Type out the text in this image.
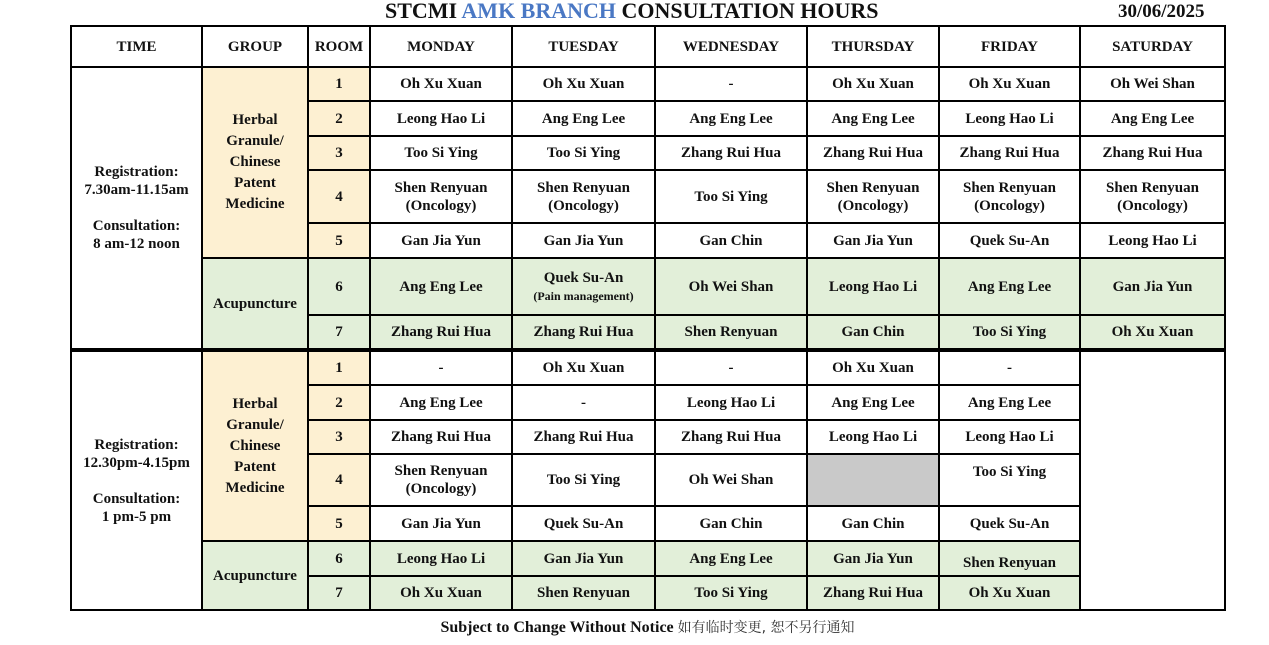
STCMI AMK BRANCH CONSULTATION HOURS	30/06/2025
TIME	GROUP	ROOM	MONDAY	TUESDAY	WEDNESDAY	THURSDAY	FRIDAY	SATURDAY
Registration:
7.30am-11.15am

Consultation:
8 am-12 noon	Herbal
Granule/
Chinese
Patent
Medicine	1	Oh Xu Xuan	Oh Xu Xuan	-	Oh Xu Xuan	Oh Xu Xuan	Oh Wei Shan
		2	Leong Hao Li	Ang Eng Lee	Ang Eng Lee	Ang Eng Lee	Leong Hao Li	Ang Eng Lee
		3	Too Si Ying	Too Si Ying	Zhang Rui Hua	Zhang Rui Hua	Zhang Rui Hua	Zhang Rui Hua
		4	Shen Renyuan
(Oncology)	Shen Renyuan
(Oncology)	Too Si Ying	Shen Renyuan
(Oncology)	Shen Renyuan
(Oncology)	Shen Renyuan
(Oncology)
		5	Gan Jia Yun	Gan Jia Yun	Gan Chin	Gan Jia Yun	Quek Su-An	Leong Hao Li
	Acupuncture	6	Ang Eng Lee	Quek Su-An
(Pain management)	Oh Wei Shan	Leong Hao Li	Ang Eng Lee	Gan Jia Yun
		7	Zhang Rui Hua	Zhang Rui Hua	Shen Renyuan	Gan Chin	Too Si Ying	Oh Xu Xuan
Registration:
12.30pm-4.15pm

Consultation:
1 pm-5 pm	Herbal
Granule/
Chinese
Patent
Medicine	1	-	Oh Xu Xuan	-	Oh Xu Xuan	-	
		2	Ang Eng Lee	-	Leong Hao Li	Ang Eng Lee	Ang Eng Lee	
		3	Zhang Rui Hua	Zhang Rui Hua	Zhang Rui Hua	Leong Hao Li	Leong Hao Li	
		4	Shen Renyuan
(Oncology)	Too Si Ying	Oh Wei Shan		Too Si Ying	
		5	Gan Jia Yun	Quek Su-An	Gan Chin	Gan Chin	Quek Su-An	
	Acupuncture	6	Leong Hao Li	Gan Jia Yun	Ang Eng Lee	Gan Jia Yun	Shen Renyuan	
		7	Oh Xu Xuan	Shen Renyuan	Too Si Ying	Zhang Rui Hua	Oh Xu Xuan	
Subject to Change Without Notice 如有临时变更, 恕不另行通知
